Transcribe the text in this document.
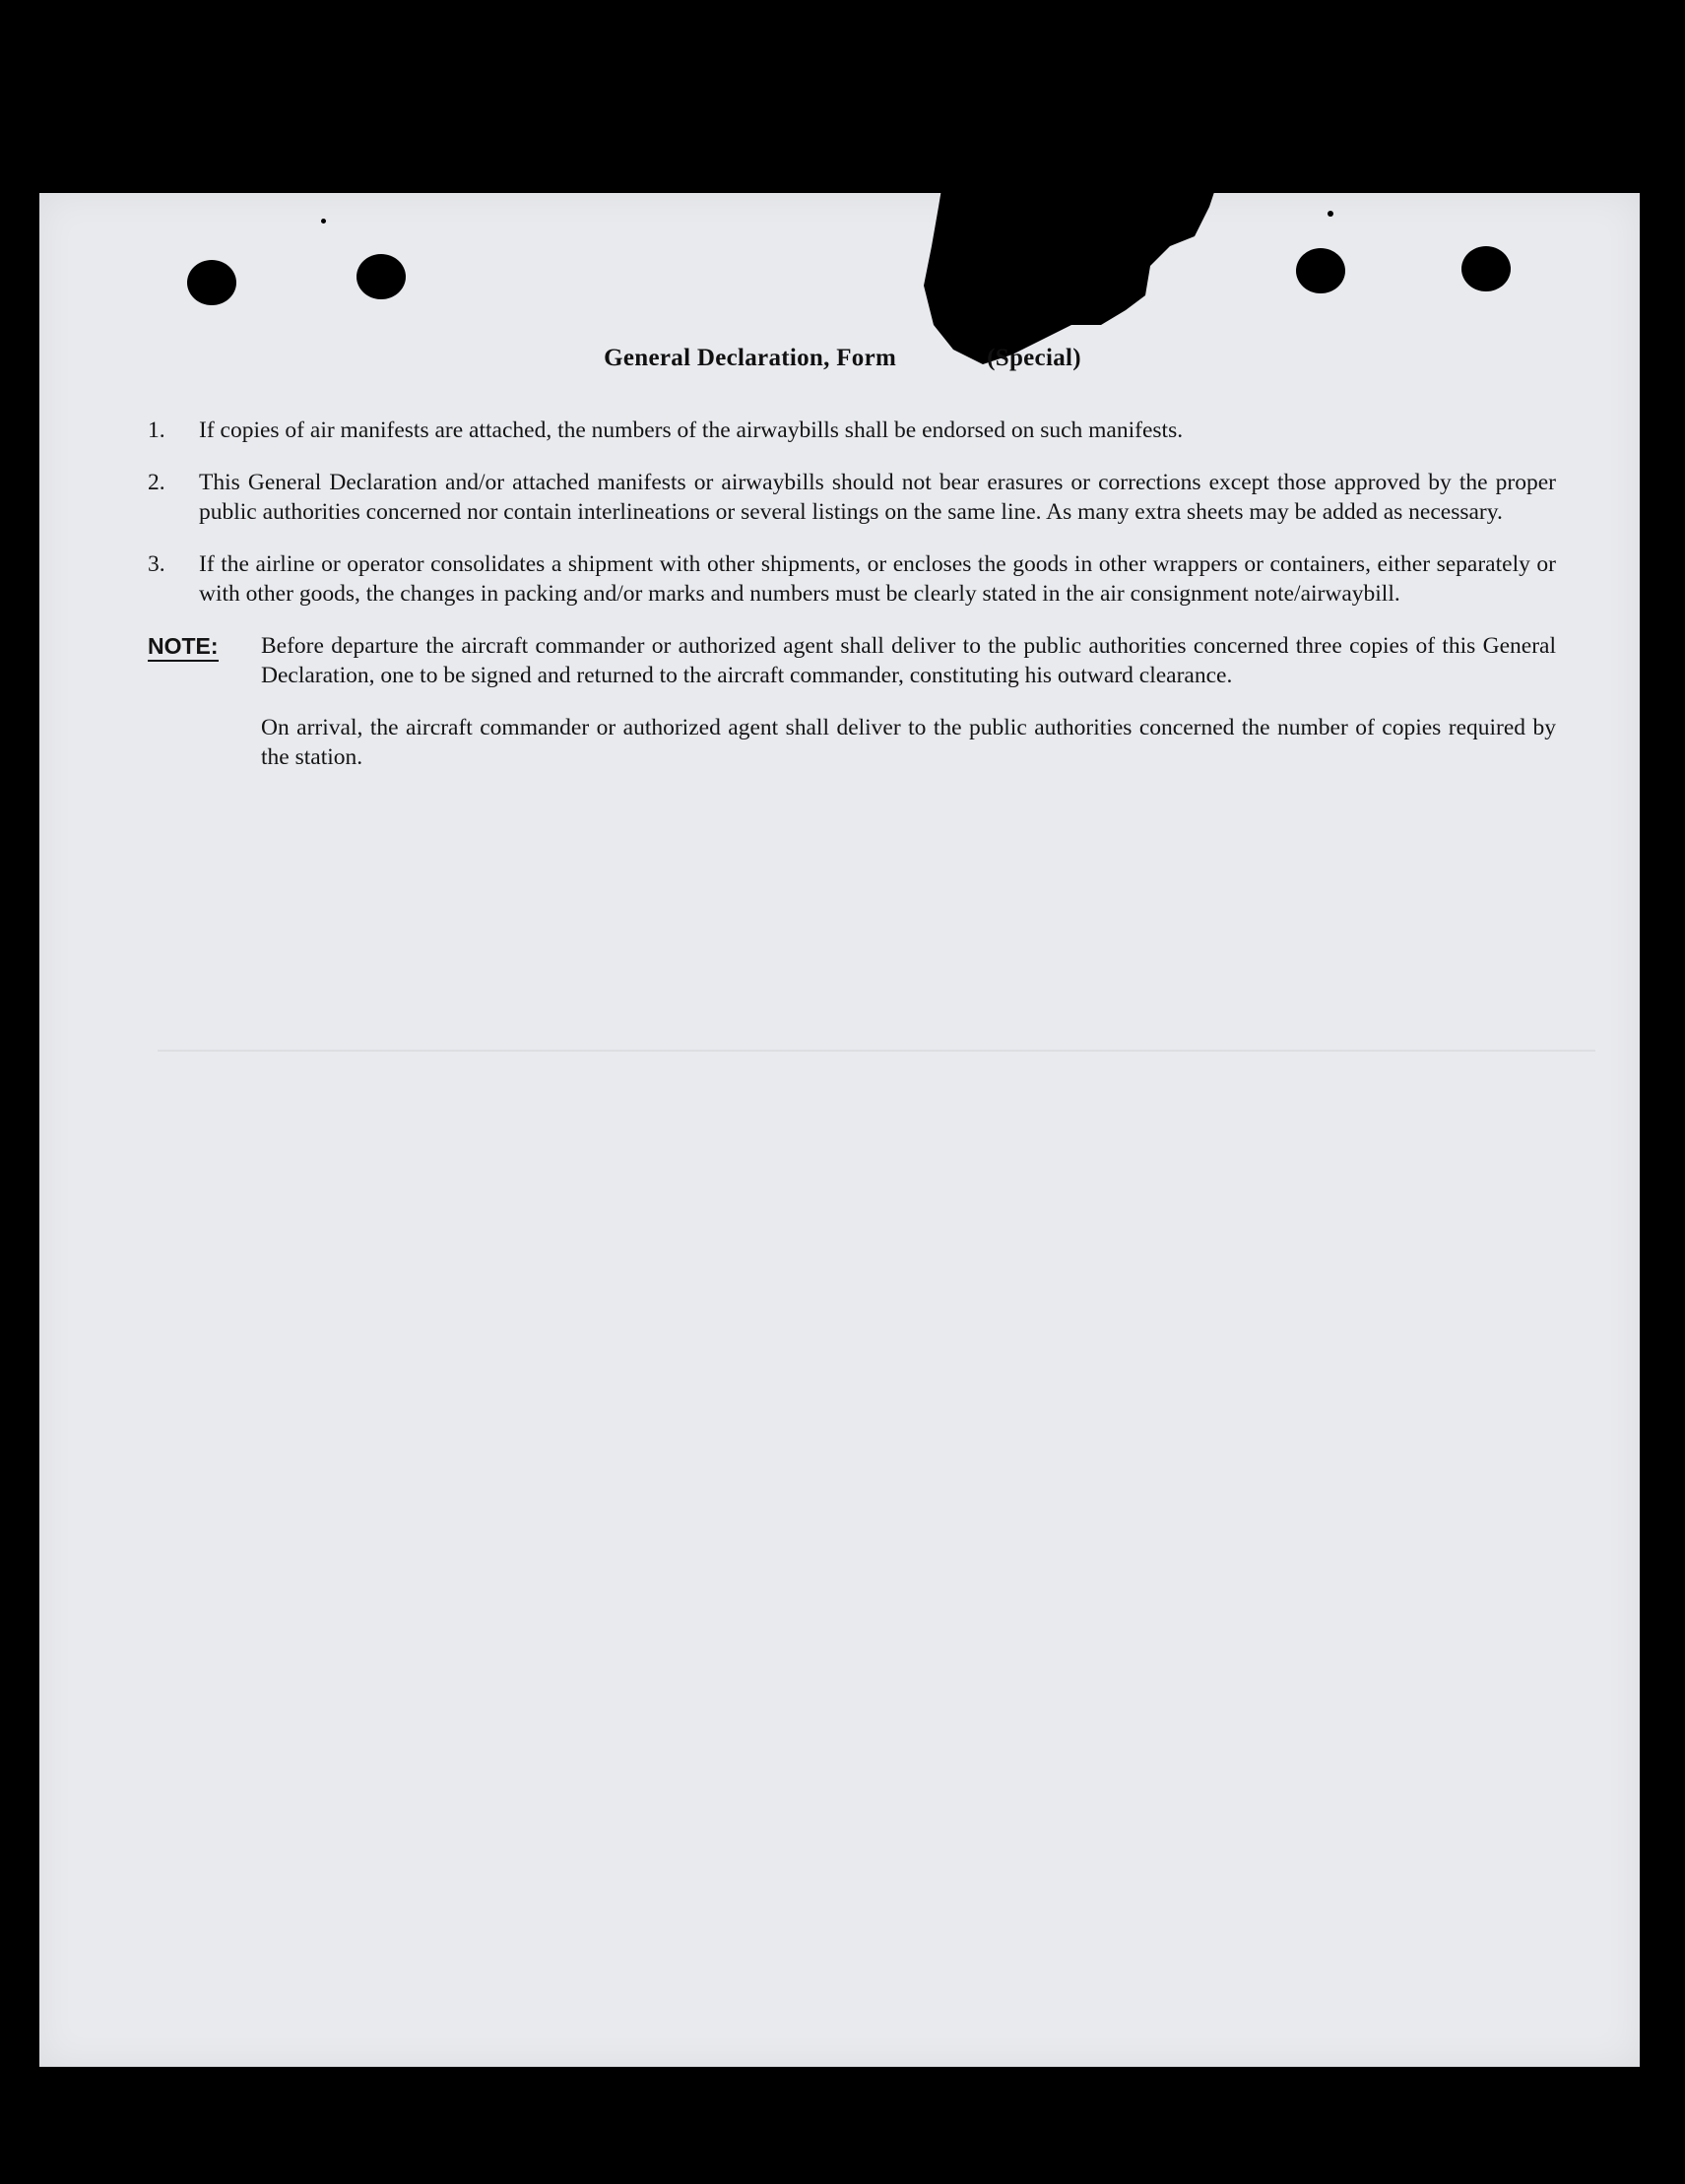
General Declaration, Form	(Special)
1.	If copies of air manifests are attached, the numbers of the airwaybills shall be endorsed on such manifests.
2.	This General Declaration and/or attached manifests or airwaybills should not bear erasures or corrections except those approved by the proper public authorities concerned nor contain interlineations or several listings on the same line. As many extra sheets may be added as necessary.
3.	If the airline or operator consolidates a shipment with other shipments, or encloses the goods in other wrappers or containers, either separately or with other goods, the changes in packing and/or marks and numbers must be clearly stated in the air consignment note/airwaybill.
NOTE:	Before departure the aircraft commander or authorized agent shall deliver to the public authorities concerned three copies of this General Declaration, one to be signed and returned to the aircraft commander, constituting his outward clearance.

On arrival, the aircraft commander or authorized agent shall deliver to the public authorities concerned the number of copies required by the station.
